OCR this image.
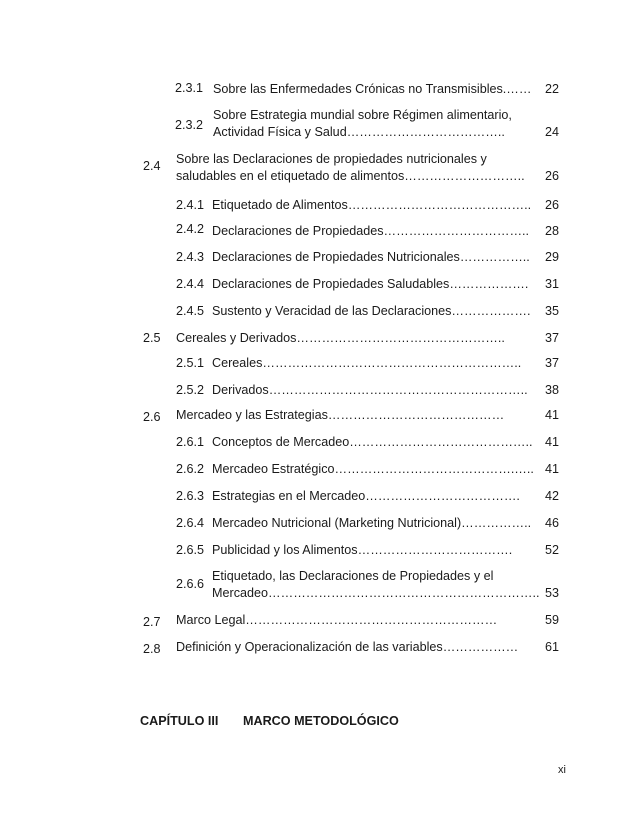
2.3.1 Sobre las Enfermedades Crónicas no Transmisibles.……	22
2.3.2
Sobre Estrategia mundial sobre Régimen alimentario,
Actividad Física y Salud………………………………..	24
2.4 Sobre las Declaraciones de propiedades nutricionales y
saludables en el etiquetado de alimentos………………………..	26
2.4.1 Etiquetado de Alimentos……………………………………..	26
2.4.2 Declaraciones de Propiedades……………………………..	28
2.4.3 Declaraciones de Propiedades Nutricionales……………..	29
2.4.4 Declaraciones de Propiedades Saludables……………….	31
2.4.5 Sustento y Veracidad de las Declaraciones……………….	35
2.5 Cereales y Derivados…………………………………………..	37
2.5.1 Cereales……………………………………………………..	37
2.5.2 Derivados……………………………………………………..	38
2.6 Mercadeo y las Estrategias……………………………………	41
2.6.1 Conceptos de Mercadeo…………………………………….. 41
2.6.2 Mercadeo Estratégico…………………………………….….. 41
2.6.3 Estrategias en el Mercadeo……………………………….	42
2.6.4 Mercadeo Nutricional (Marketing Nutricional)……………..	46
2.6.5 Publicidad y los Alimentos……………………………….	52
2.6.6
Etiquetado, las Declaraciones de Propiedades y el
Mercadeo……………………………………………………….. 53
2.7 Marco Legal……………………………………………………	59
2.8 Definición y Operacionalización de las variables………………	61
CAPÍTULO III MARCO METODOLÓGICO
xi
